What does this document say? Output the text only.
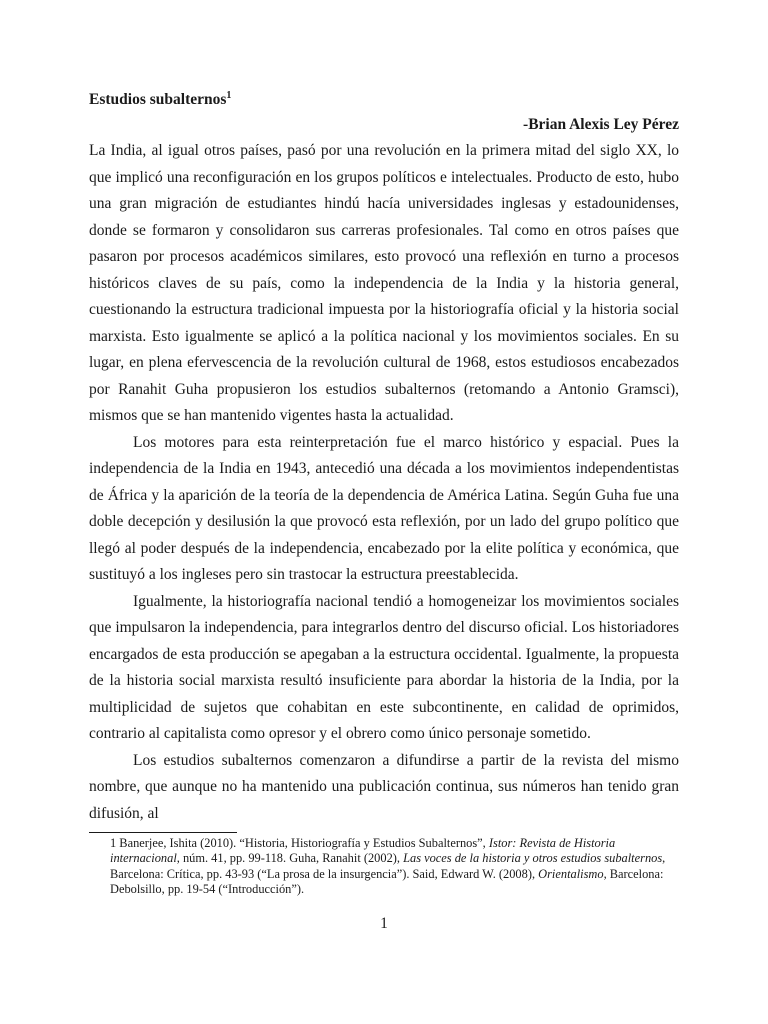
Estudios subalternos$^1$

-Brian Alexis Ley Pérez

La India, al igual otros países, pasó por una revolución en la primera mitad del siglo XX, lo que implicó una reconfiguración en los grupos políticos e intelectuales. Producto de esto, hubo una gran migración de estudiantes hindú hacía universidades inglesas y estadounidenses, donde se formaron y consolidaron sus carreras profesionales. Tal como en otros países que pasaron por procesos académicos similares, esto provocó una reflexión en turno a procesos históricos claves de su país, como la independencia de la India y la historia general, cuestionando la estructura tradicional impuesta por la historiografía oficial y la historia social marxista. Esto igualmente se aplicó a la política nacional y los movimientos sociales. En su lugar, en plena efervescencia de la revolución cultural de 1968, estos estudiosos encabezados por Ranahit Guha propusieron los estudios subalternos (retomando a Antonio Gramsci), mismos que se han mantenido vigentes hasta la actualidad.

Los motores para esta reinterpretación fue el marco histórico y espacial. Pues la independencia de la India en 1943, antecedió una década a los movimientos independentistas de África y la aparición de la teoría de la dependencia de América Latina. Según Guha fue una doble decepción y desilusión la que provocó esta reflexión, por un lado del grupo político que llegó al poder después de la independencia, encabezado por la elite política y económica, que sustituyó a los ingleses pero sin trastocar la estructura preestablecida.

Igualmente, la historiografía nacional tendió a homogeneizar los movimientos sociales que impulsaron la independencia, para integrarlos dentro del discurso oficial. Los historiadores encargados de esta producción se apegaban a la estructura occidental. Igualmente, la propuesta de la historia social marxista resultó insuficiente para abordar la historia de la India, por la multiplicidad de sujetos que cohabitan en este subcontinente, en calidad de oprimidos, contrario al capitalista como opresor y el obrero como único personaje sometido.

Los estudios subalternos comenzaron a difundirse a partir de la revista del mismo nombre, que aunque no ha mantenido una publicación continua, sus números han tenido gran difusión, al

1 Banerjee, Ishita (2010). “Historia, Historiografía y Estudios Subalternos”, Istor: Revista de Historia internacional, núm. 41, pp. 99-118. Guha, Ranahit (2002), Las voces de la historia y otros estudios subalternos, Barcelona: Crítica, pp. 43-93 (“La prosa de la insurgencia”). Said, Edward W. (2008), Orientalismo, Barcelona: Debolsillo, pp. 19-54 (“Introducción”).

1
